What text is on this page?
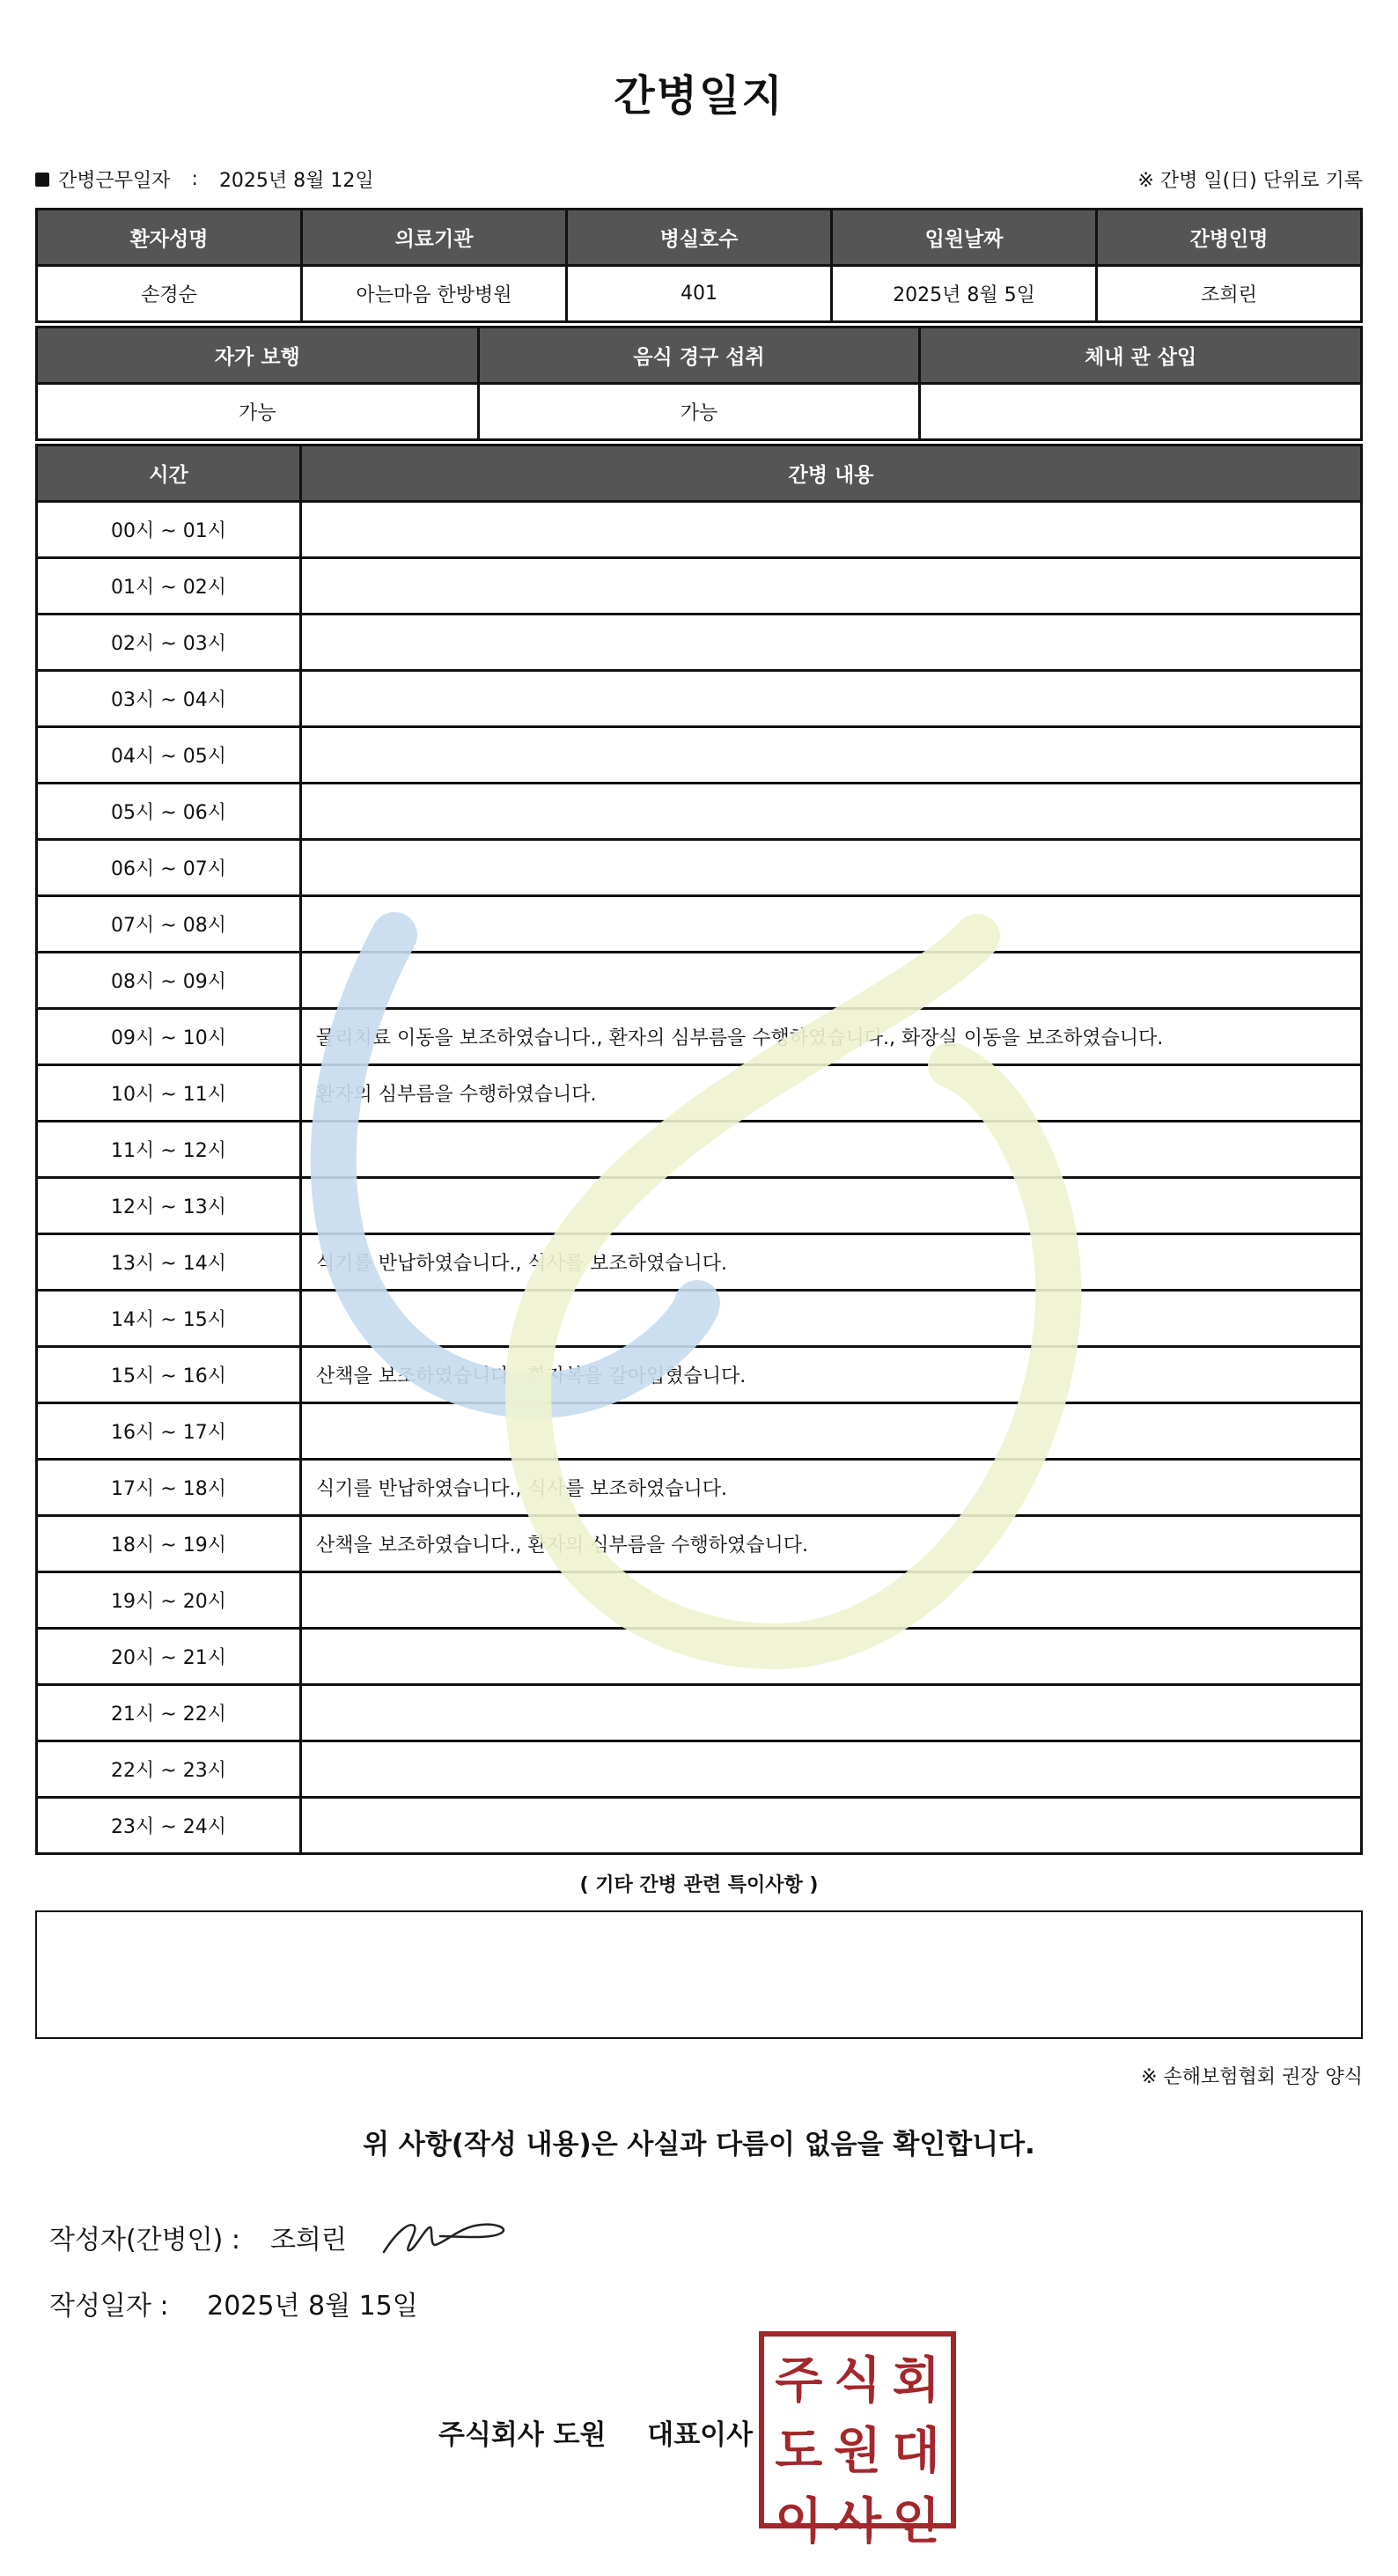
간병일지
간병근무일자 : 2025년 8월 12일	※ 간병 일(日) 단위로 기록
환자성명	의료기관	병실호수	입원날짜	간병인명
손경순	아는마음 한방병원	401	2025년 8월 5일	조희린
자가 보행	음식 경구 섭취	체내 관 삽입
가능	가능	
시간	간병 내용
00시 ~ 01시	
01시 ~ 02시	
02시 ~ 03시	
03시 ~ 04시	
04시 ~ 05시	
05시 ~ 06시	
06시 ~ 07시	
07시 ~ 08시	
08시 ~ 09시	
09시 ~ 10시	물리치료 이동을 보조하였습니다., 환자의 심부름을 수행하였습니다., 화장실 이동을 보조하였습니다.
10시 ~ 11시	환자의 심부름을 수행하였습니다.
11시 ~ 12시	
12시 ~ 13시	
13시 ~ 14시	식기를 반납하였습니다., 식사를 보조하였습니다.
14시 ~ 15시	
15시 ~ 16시	산책을 보조하였습니다., 환자복을 갈아입혔습니다.
16시 ~ 17시	
17시 ~ 18시	식기를 반납하였습니다., 식사를 보조하였습니다.
18시 ~ 19시	산책을 보조하였습니다., 환자의 심부름을 수행하였습니다.
19시 ~ 20시	
20시 ~ 21시	
21시 ~ 22시	
22시 ~ 23시	
23시 ~ 24시	
( 기타 간병 관련 특이사항 )
※ 손해보험협회 권장 양식
위 사항(작성 내용)은 사실과 다름이 없음을 확인합니다.
작성자(간병인) : 조희린
작성일자 : 2025년 8월 15일
주식회사 도원 대표이사
주 식 회
도 원 대
이 사 인
